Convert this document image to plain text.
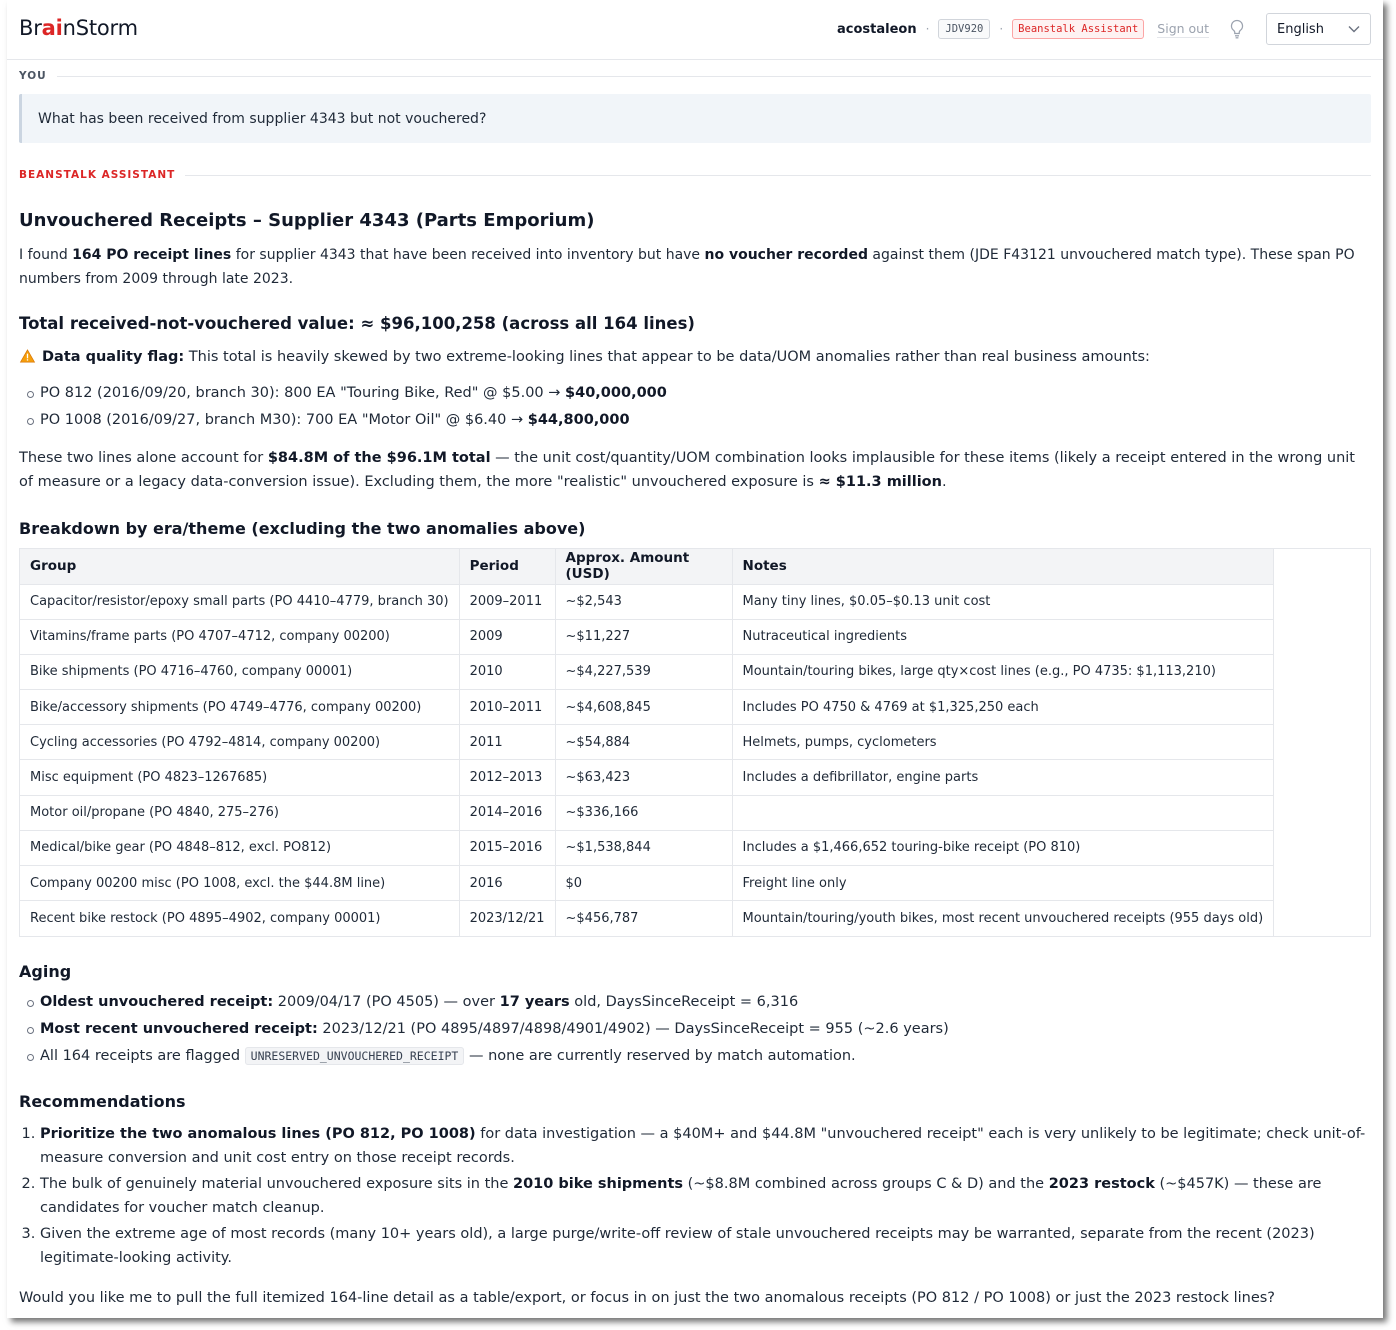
BrainStorm	acostaleon ·	JDV920	·	Beanstalk Assistant	Sign out	English
YOU
What has been received from supplier 4343 but not vouchered?
BEANSTALK ASSISTANT
Unvouchered Receipts – Supplier 4343 (Parts Emporium)

I found 164 PO receipt lines for supplier 4343 that have been received into inventory but have no voucher recorded against them (JDE F43121 unvouchered match type). These span PO numbers from 2009 through late 2023.

Total received-not-vouchered value: ≈ $96,100,258 (across all 164 lines)

Data quality flag: This total is heavily skewed by two extreme-looking lines that appear to be data/UOM anomalies rather than real business amounts:

PO 812 (2016/09/20, branch 30): 800 EA "Touring Bike, Red" @ $5.00 → $40,000,000
PO 1008 (2016/09/27, branch M30): 700 EA "Motor Oil" @ $6.40 → $44,800,000

These two lines alone account for $84.8M of the $96.1M total — the unit cost/quantity/UOM combination looks implausible for these items (likely a receipt entered in the wrong unit of measure or a legacy data-conversion issue). Excluding them, the more "realistic" unvouchered exposure is ≈ $11.3 million.

Breakdown by era/theme (excluding the two anomalies above)
Group	Period	Approx. Amount (USD)	Notes
Capacitor/resistor/epoxy small parts (PO 4410–4779, branch 30)	2009–2011	~$2,543	Many tiny lines, $0.05–$0.13 unit cost
Vitamins/frame parts (PO 4707–4712, company 00200)	2009	~$11,227	Nutraceutical ingredients
Bike shipments (PO 4716–4760, company 00001)	2010	~$4,227,539	Mountain/touring bikes, large qty×cost lines (e.g., PO 4735: $1,113,210)
Bike/accessory shipments (PO 4749–4776, company 00200)	2010–2011	~$4,608,845	Includes PO 4750 & 4769 at $1,325,250 each
Cycling accessories (PO 4792–4814, company 00200)	2011	~$54,884	Helmets, pumps, cyclometers
Misc equipment (PO 4823–1267685)	2012–2013	~$63,423	Includes a defibrillator, engine parts
Motor oil/propane (PO 4840, 275–276)	2014–2016	~$336,166	
Medical/bike gear (PO 4848–812, excl. PO812)	2015–2016	~$1,538,844	Includes a $1,466,652 touring-bike receipt (PO 810)
Company 00200 misc (PO 1008, excl. the $44.8M line)	2016	$0	Freight line only
Recent bike restock (PO 4895–4902, company 00001)	2023/12/21	~$456,787	Mountain/touring/youth bikes, most recent unvouchered receipts (955 days old)
Aging
Oldest unvouchered receipt: 2009/04/17 (PO 4505) — over 17 years old, DaysSinceReceipt = 6,316
Most recent unvouchered receipt: 2023/12/21 (PO 4895/4897/4898/4901/4902) — DaysSinceReceipt = 955 (~2.6 years)
All 164 receipts are flagged UNRESERVED_UNVOUCHERED_RECEIPT — none are currently reserved by match automation.
Recommendations
1. Prioritize the two anomalous lines (PO 812, PO 1008) for data investigation — a $40M+ and $44.8M "unvouchered receipt" each is very unlikely to be legitimate; check unit-of-measure conversion and unit cost entry on those receipt records.
2. The bulk of genuinely material unvouchered exposure sits in the 2010 bike shipments (~$8.8M combined across groups C & D) and the 2023 restock (~$457K) — these are candidates for voucher match cleanup.
3. Given the extreme age of most records (many 10+ years old), a large purge/write-off review of stale unvouchered receipts may be warranted, separate from the recent (2023) legitimate-looking activity.

Would you like me to pull the full itemized 164-line detail as a table/export, or focus in on just the two anomalous receipts (PO 812 / PO 1008) or just the 2023 restock lines?
